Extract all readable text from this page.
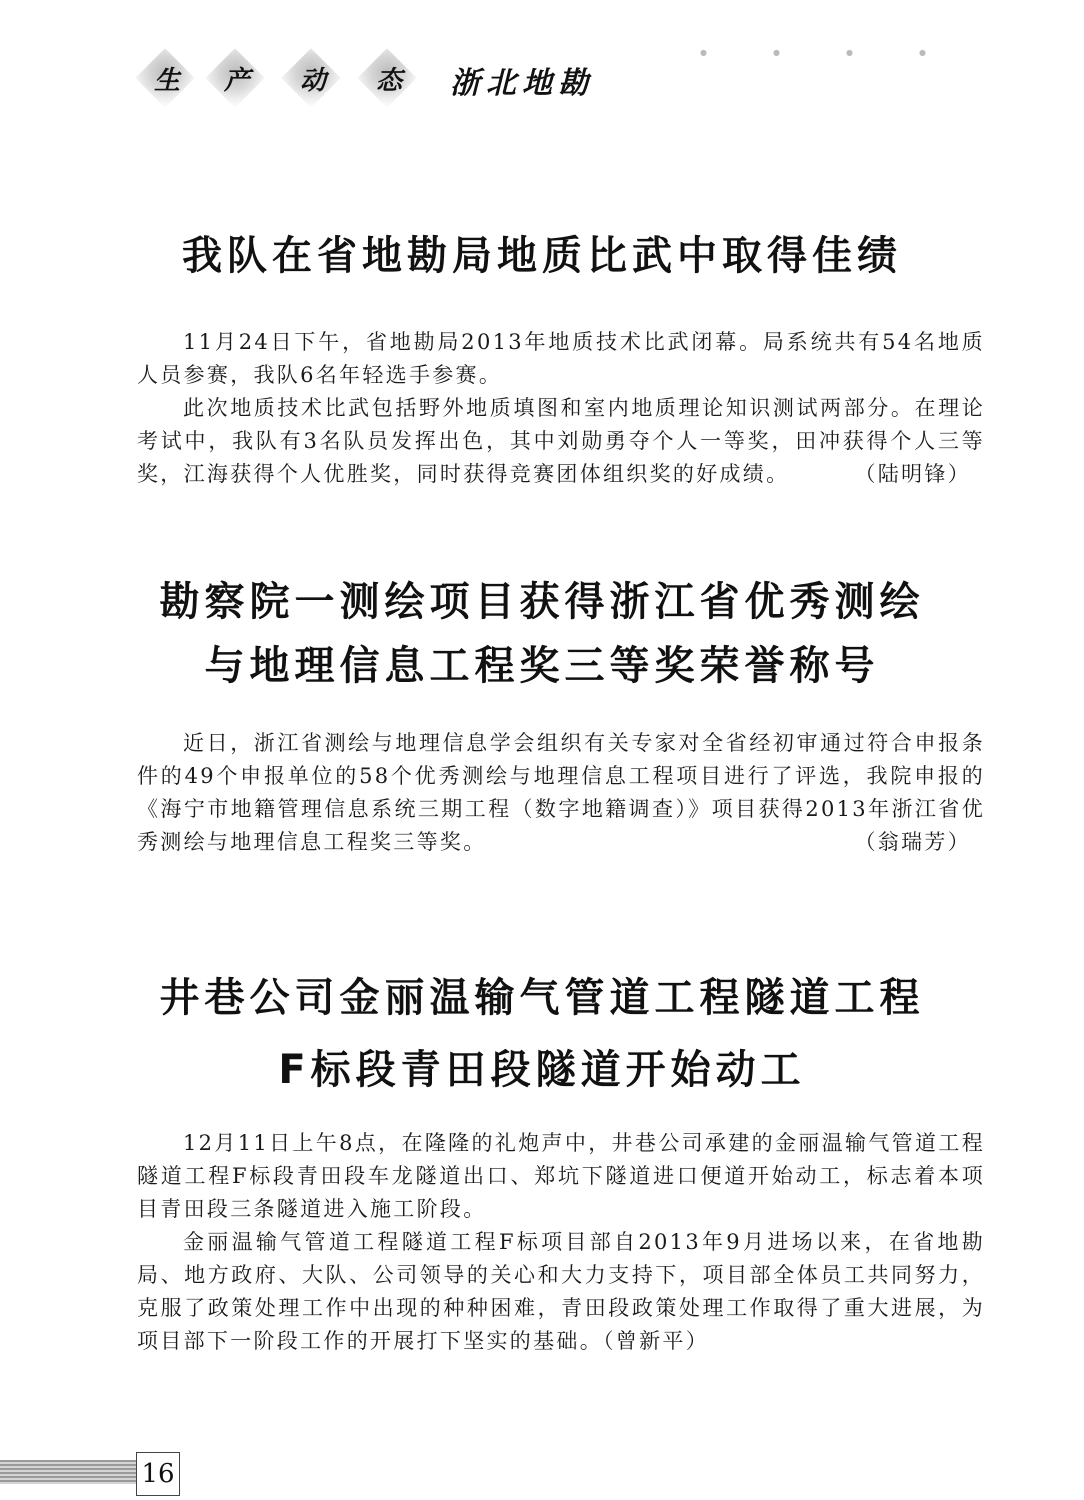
生 产 动 态 浙北地勘
●●●●
我队在省地勘局地质比武中取得佳绩

11月24日下午，省地勘局2013年地质技术比武闭幕。局系统共有54名地质人员参赛，我队6名年轻选手参赛。

此次地质技术比武包括野外地质填图和室内地质理论知识测试两部分。在理论考试中，我队有3名队员发挥出色，其中刘勋勇夺个人一等奖，田冲获得个人三等奖，江海获得个人优胜奖，同时获得竞赛团体组织奖的好成绩。	（陆明锋）
勘察院一测绘项目获得浙江省优秀测绘
与地理信息工程奖三等奖荣誉称号

近日，浙江省测绘与地理信息学会组织有关专家对全省经初审通过符合申报条件的49个申报单位的58个优秀测绘与地理信息工程项目进行了评选，我院申报的《海宁市地籍管理信息系统三期工程（数字地籍调查）》项目获得2013年浙江省优秀测绘与地理信息工程奖三等奖。	（翁瑞芳）
井巷公司金丽温输气管道工程隧道工程
F标段青田段隧道开始动工

12月11日上午8点，在隆隆的礼炮声中，井巷公司承建的金丽温输气管道工程隧道工程F标段青田段车龙隧道出口、郑坑下隧道进口便道开始动工，标志着本项目青田段三条隧道进入施工阶段。

金丽温输气管道工程隧道工程F标项目部自2013年9月进场以来，在省地勘局、地方政府、大队、公司领导的关心和大力支持下，项目部全体员工共同努力，克服了政策处理工作中出现的种种困难，青田段政策处理工作取得了重大进展，为项目部下一阶段工作的开展打下坚实的基础。（曾新平）

16
